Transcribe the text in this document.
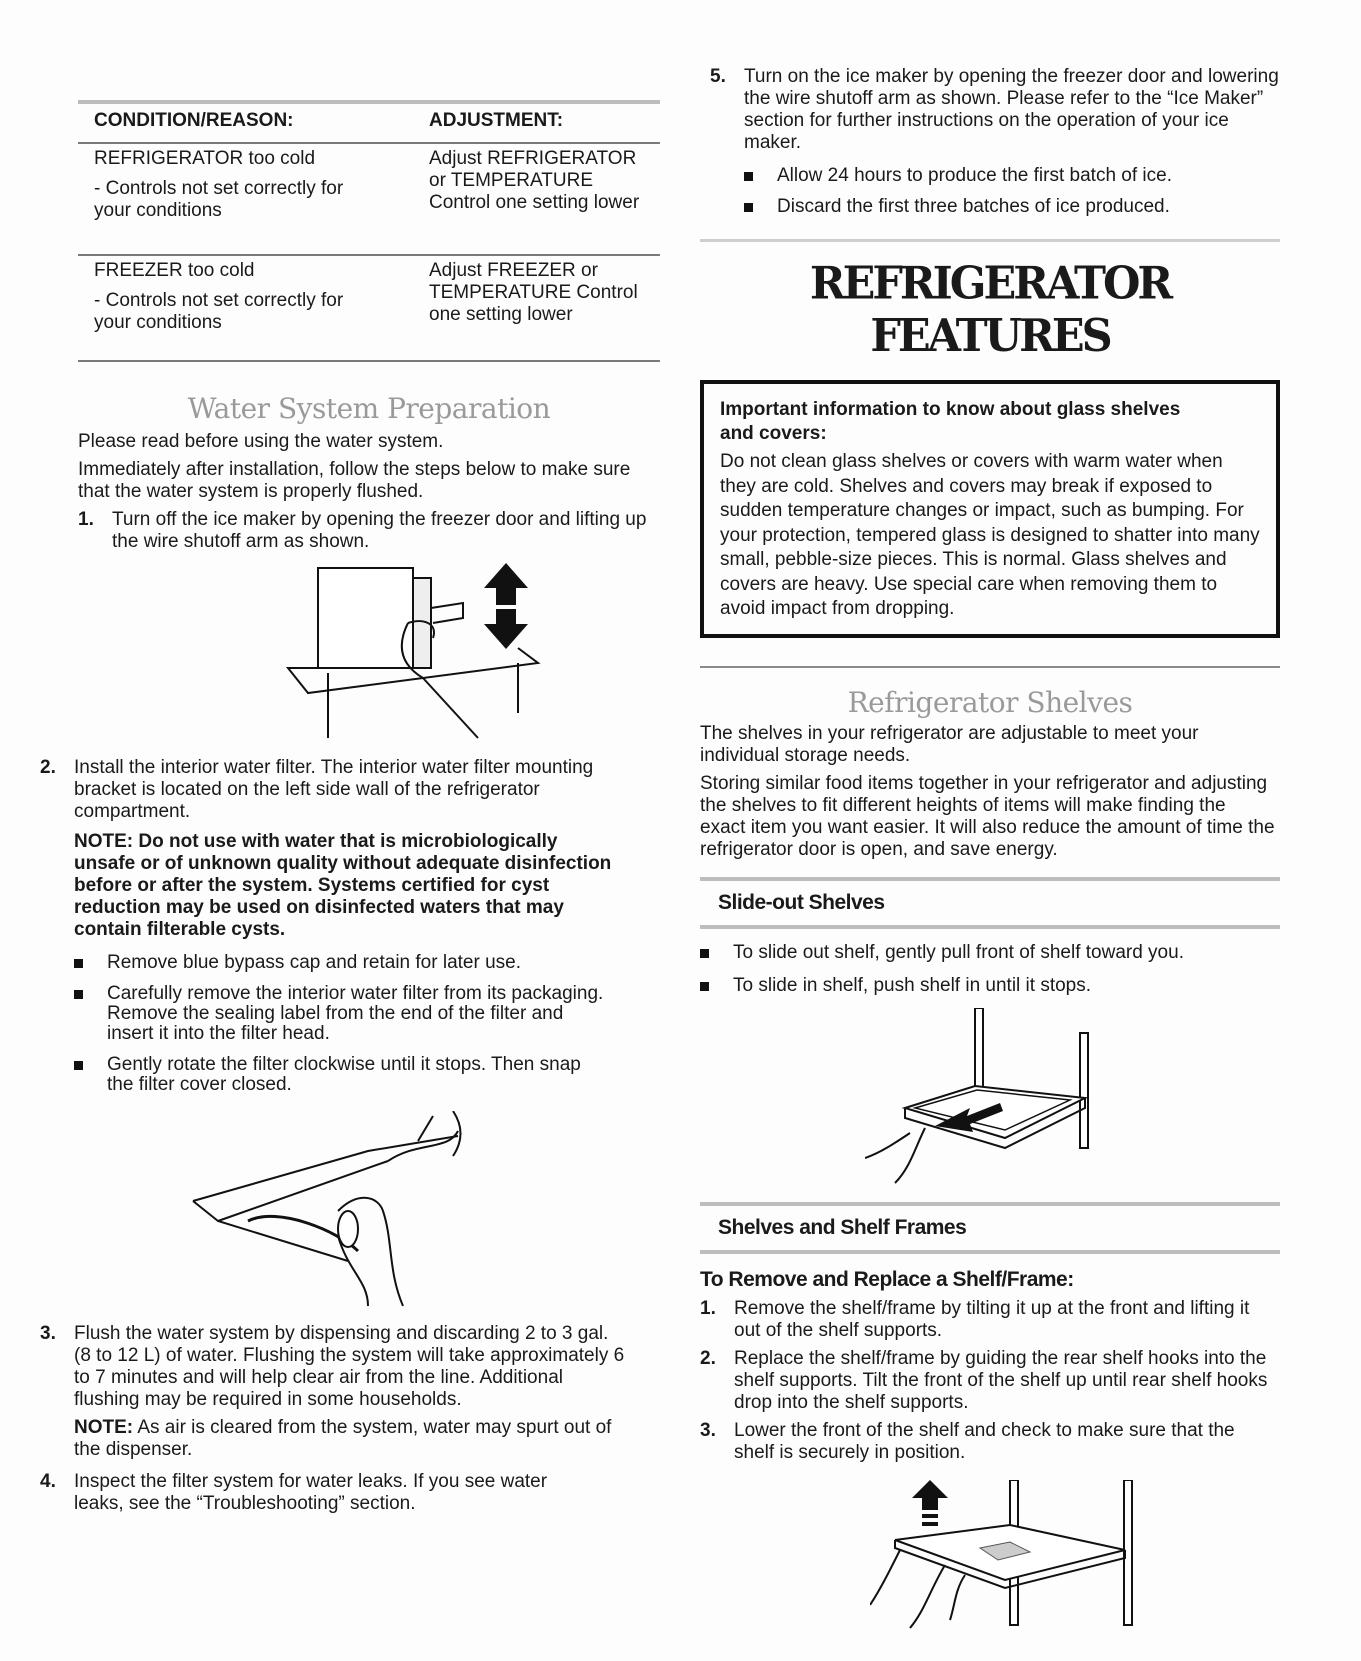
CONDITION/REASON:	ADJUSTMENT:
REFRIGERATOR too cold
- Controls not set correctly for your conditions
Adjust REFRIGERATOR or TEMPERATURE Control one setting lower
FREEZER too cold
- Controls not set correctly for your conditions
Adjust FREEZER or TEMPERATURE Control one setting lower
Water System Preparation

Please read before using the water system.

Immediately after installation, follow the steps below to make sure that the water system is properly flushed.

1. Turn off the ice maker by opening the freezer door and lifting up the wire shutoff arm as shown.

2. Install the interior water filter. The interior water filter mounting bracket is located on the left side wall of the refrigerator compartment.

NOTE: Do not use with water that is microbiologically unsafe or of unknown quality without adequate disinfection before or after the system. Systems certified for cyst reduction may be used on disinfected waters that may contain filterable cysts.

Remove blue bypass cap and retain for later use.
Carefully remove the interior water filter from its packaging. Remove the sealing label from the end of the filter and insert it into the filter head.
Gently rotate the filter clockwise until it stops. Then snap the filter cover closed.
3. Flush the water system by dispensing and discarding 2 to 3 gal. (8 to 12 L) of water. Flushing the system will take approximately 6 to 7 minutes and will help clear air from the line. Additional flushing may be required in some households.

NOTE: As air is cleared from the system, water may spurt out of the dispenser.

4. Inspect the filter system for water leaks. If you see water leaks, see the “Troubleshooting” section.

5. Turn on the ice maker by opening the freezer door and lowering the wire shutoff arm as shown. Please refer to the “Ice Maker” section for further instructions on the operation of your ice maker.

Allow 24 hours to produce the first batch of ice.
Discard the first three batches of ice produced.
REFRIGERATOR FEATURES

Important information to know about glass shelves and covers:

Do not clean glass shelves or covers with warm water when they are cold. Shelves and covers may break if exposed to sudden temperature changes or impact, such as bumping. For your protection, tempered glass is designed to shatter into many small, pebble-size pieces. This is normal. Glass shelves and covers are heavy. Use special care when removing them to avoid impact from dropping.

Refrigerator Shelves

The shelves in your refrigerator are adjustable to meet your individual storage needs.

Storing similar food items together in your refrigerator and adjusting the shelves to fit different heights of items will make finding the exact item you want easier. It will also reduce the amount of time the refrigerator door is open, and save energy.

Slide-out Shelves
To slide out shelf, gently pull front of shelf toward you.
To slide in shelf, push shelf in until it stops.
Shelves and Shelf Frames
To Remove and Replace a Shelf/Frame:
1. Remove the shelf/frame by tilting it up at the front and lifting it out of the shelf supports.

2. Replace the shelf/frame by guiding the rear shelf hooks into the shelf supports. Tilt the front of the shelf up until rear shelf hooks drop into the shelf supports.

3. Lower the front of the shelf and check to make sure that the shelf is securely in position.
